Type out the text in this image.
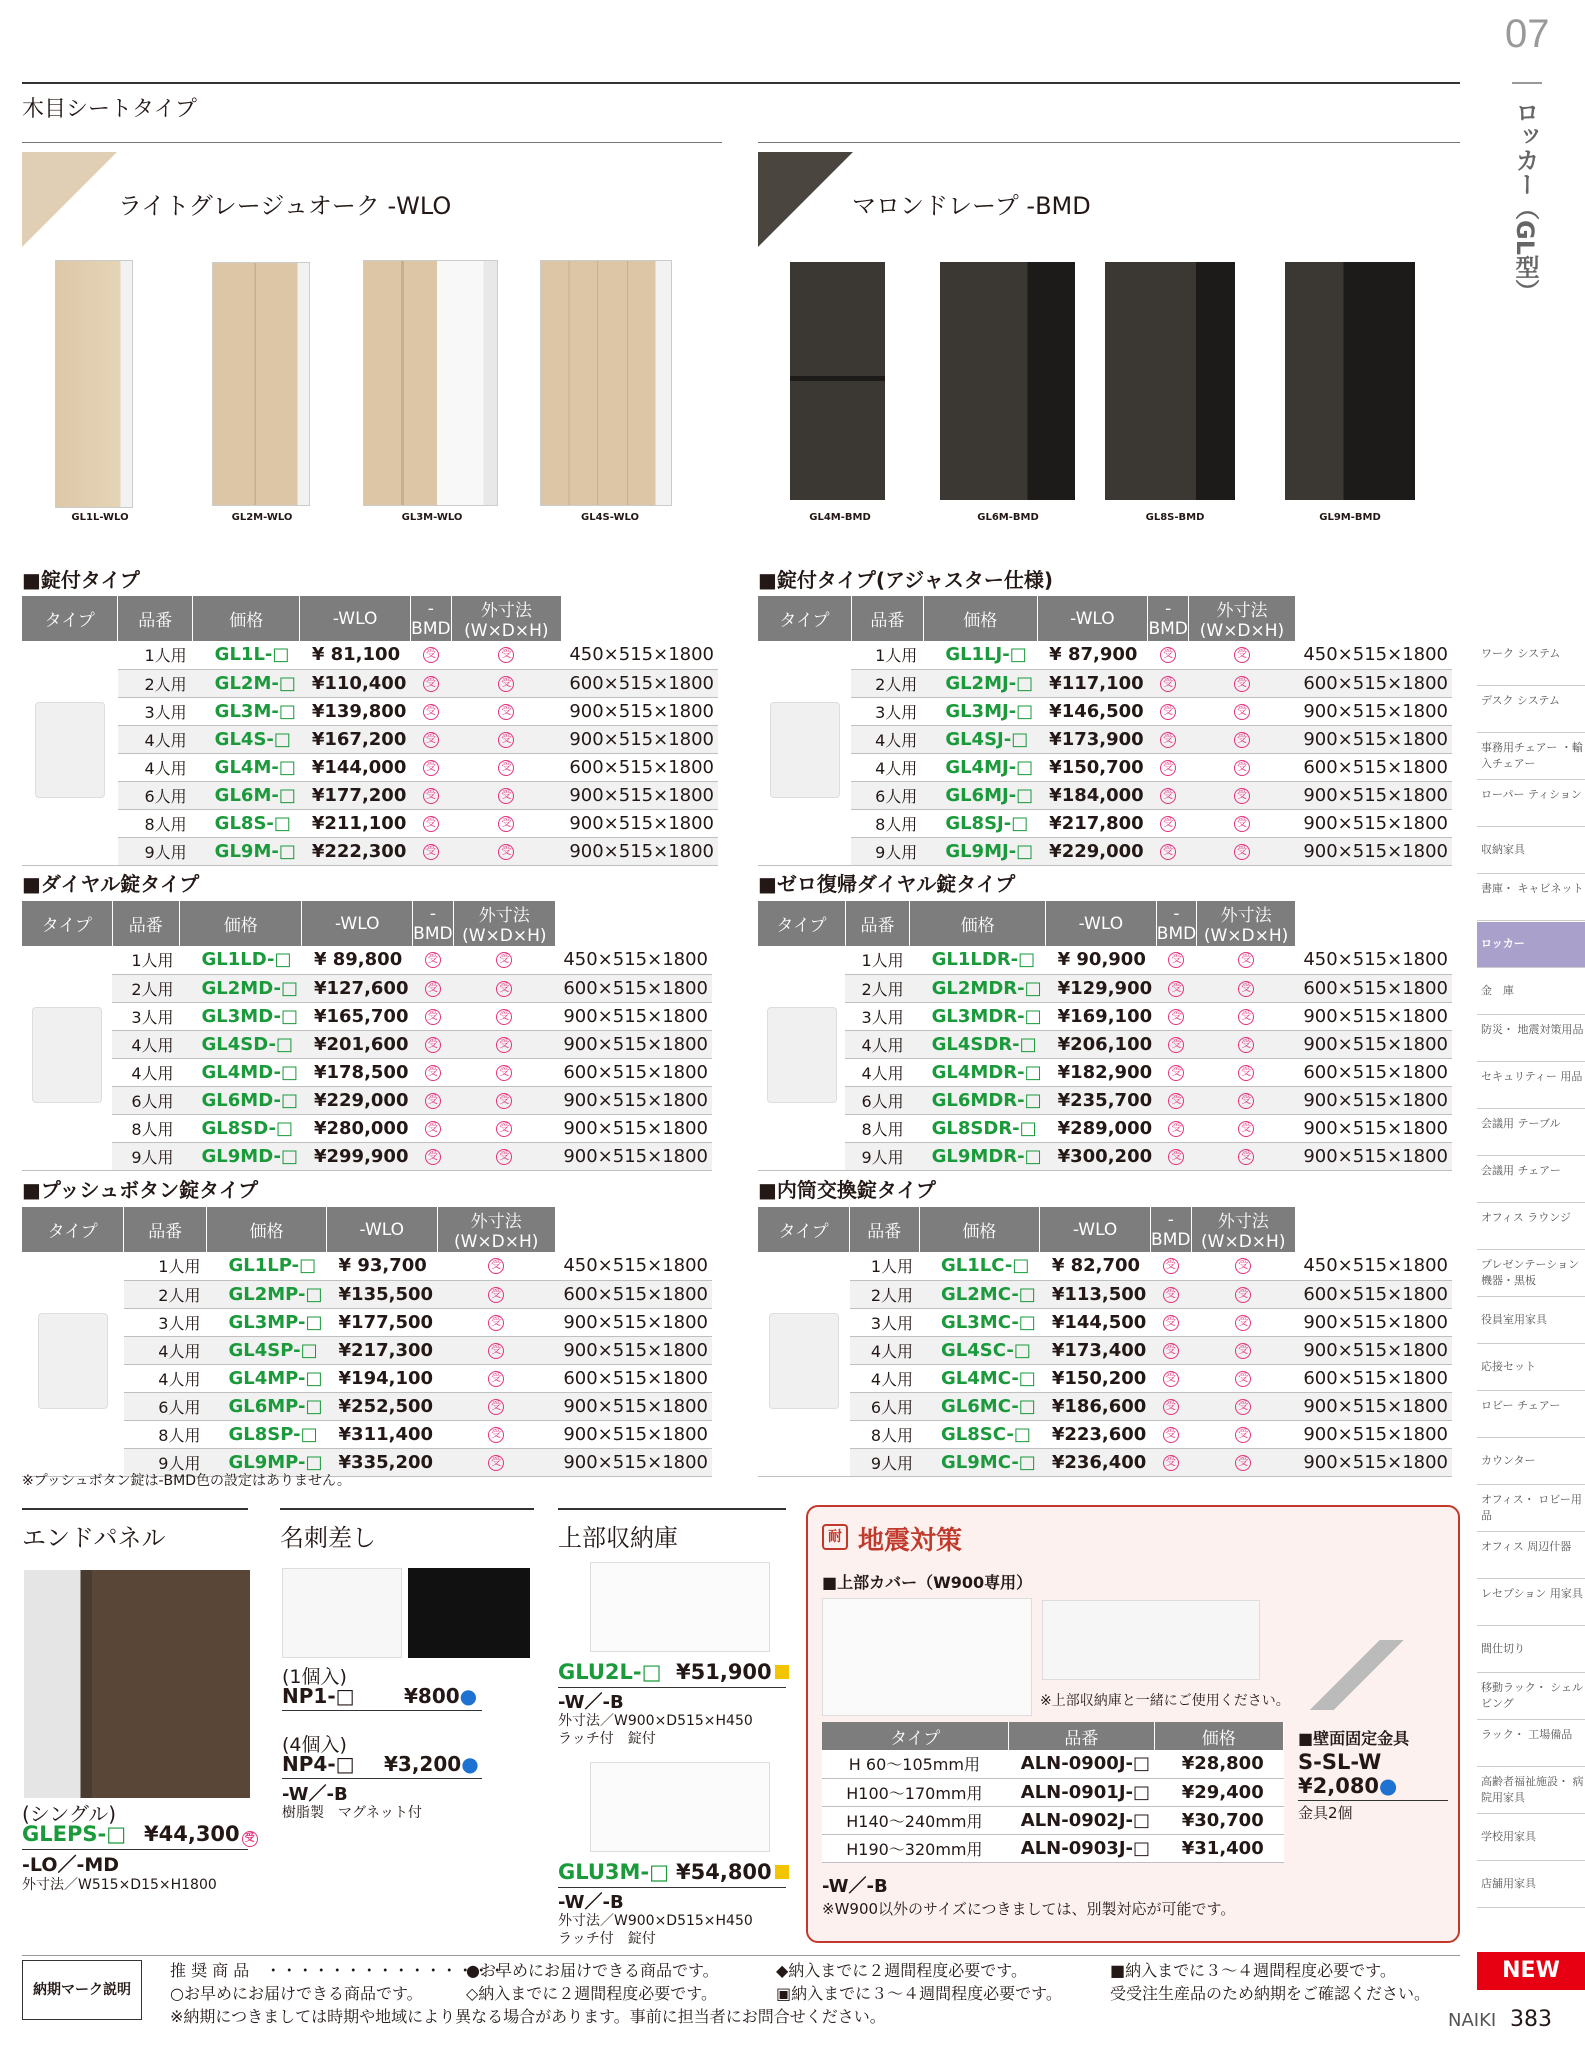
07
ロッカー（GL型）
木目シートタイプ
ライトグレージュオーク -WLO	マロンドレープ -BMD
GL1L-WLO	GL2M-WLO	GL3M-WLO	GL4S-WLO	GL4M-BMD	GL6M-BMD	GL8S-BMD	GL9M-BMD
■錠付タイプ
タイプ	品番	価格	-WLO	-BMD	外寸法 (W×D×H)	
	1人用	GL1L-□	¥ 81,100	受	受	450×515×1800
	2人用	GL2M-□	¥110,400	受	受	600×515×1800
	3人用	GL3M-□	¥139,800	受	受	900×515×1800
	4人用	GL4S-□	¥167,200	受	受	900×515×1800
	4人用	GL4M-□	¥144,000	受	受	600×515×1800
	6人用	GL6M-□	¥177,200	受	受	900×515×1800
	8人用	GL8S-□	¥211,100	受	受	900×515×1800
	9人用	GL9M-□	¥222,300	受	受	900×515×1800
■錠付タイプ(アジャスター仕様)
タイプ	品番	価格	-WLO	-BMD	外寸法 (W×D×H)	
	1人用	GL1LJ-□	¥ 87,900	受	受	450×515×1800
	2人用	GL2MJ-□	¥117,100	受	受	600×515×1800
	3人用	GL3MJ-□	¥146,500	受	受	900×515×1800
	4人用	GL4SJ-□	¥173,900	受	受	900×515×1800
	4人用	GL4MJ-□	¥150,700	受	受	600×515×1800
	6人用	GL6MJ-□	¥184,000	受	受	900×515×1800
	8人用	GL8SJ-□	¥217,800	受	受	900×515×1800
	9人用	GL9MJ-□	¥229,000	受	受	900×515×1800
■ダイヤル錠タイプ
タイプ	品番	価格	-WLO	-BMD	外寸法 (W×D×H)	
	1人用	GL1LD-□	¥ 89,800	受	受	450×515×1800
	2人用	GL2MD-□	¥127,600	受	受	600×515×1800
	3人用	GL3MD-□	¥165,700	受	受	900×515×1800
	4人用	GL4SD-□	¥201,600	受	受	900×515×1800
	4人用	GL4MD-□	¥178,500	受	受	600×515×1800
	6人用	GL6MD-□	¥229,000	受	受	900×515×1800
	8人用	GL8SD-□	¥280,000	受	受	900×515×1800
	9人用	GL9MD-□	¥299,900	受	受	900×515×1800
■ゼロ復帰ダイヤル錠タイプ
タイプ	品番	価格	-WLO	-BMD	外寸法 (W×D×H)	
	1人用	GL1LDR-□	¥ 90,900	受	受	450×515×1800
	2人用	GL2MDR-□	¥129,900	受	受	600×515×1800
	3人用	GL3MDR-□	¥169,100	受	受	900×515×1800
	4人用	GL4SDR-□	¥206,100	受	受	900×515×1800
	4人用	GL4MDR-□	¥182,900	受	受	600×515×1800
	6人用	GL6MDR-□	¥235,700	受	受	900×515×1800
	8人用	GL8SDR-□	¥289,000	受	受	900×515×1800
	9人用	GL9MDR-□	¥300,200	受	受	900×515×1800
■プッシュボタン錠タイプ
タイプ	品番	価格	-WLO	外寸法 (W×D×H)	
	1人用	GL1LP-□	¥ 93,700	受	450×515×1800
	2人用	GL2MP-□	¥135,500	受	600×515×1800
	3人用	GL3MP-□	¥177,500	受	900×515×1800
	4人用	GL4SP-□	¥217,300	受	900×515×1800
	4人用	GL4MP-□	¥194,100	受	600×515×1800
	6人用	GL6MP-□	¥252,500	受	900×515×1800
	8人用	GL8SP-□	¥311,400	受	900×515×1800
	9人用	GL9MP-□	¥335,200	受	900×515×1800
※プッシュボタン錠は-BMD色の設定はありません。
■内筒交換錠タイプ
タイプ	品番	価格	-WLO	-BMD	外寸法 (W×D×H)	
	1人用	GL1LC-□	¥ 82,700	受	受	450×515×1800
	2人用	GL2MC-□	¥113,500	受	受	600×515×1800
	3人用	GL3MC-□	¥144,500	受	受	900×515×1800
	4人用	GL4SC-□	¥173,400	受	受	900×515×1800
	4人用	GL4MC-□	¥150,200	受	受	600×515×1800
	6人用	GL6MC-□	¥186,600	受	受	900×515×1800
	8人用	GL8SC-□	¥223,600	受	受	900×515×1800
	9人用	GL9MC-□	¥236,400	受	受	900×515×1800
エンドパネル
(シングル)
GLEPS-□ ¥44,300 受
-LO／-MD
外寸法／W515×D15×H1800
名刺差し
(1個入)
NP1-□ ¥800●
(4個入)
NP4-□ ¥3,200●
-W／-B
樹脂製　マグネット付
上部収納庫
GLU2L-□ ¥51,900
-W／-B
外寸法／W900×D515×H450
ラッチ付　錠付
GLU3M-□ ¥54,800
-W／-B
外寸法／W900×D515×H450
ラッチ付　錠付
耐 地震対策
■上部カバー（W900専用）
※上部収納庫と一緒にご使用ください。
タイプ	品番	価格
H 60～105mm用	ALN-0900J-□	¥28,800
H100～170mm用	ALN-0901J-□	¥29,400
H140～240mm用	ALN-0902J-□	¥30,700
H190～320mm用	ALN-0903J-□	¥31,400
-W／-B
※W900以外のサイズにつきましては、別製対応が可能です。
■壁面固定金具
S-SL-W
¥2,080●
金具2個
納期マーク説明
推 奨 商 品　・・・・・・・・・・・・・・・
●お早めにお届けできる商品です。	◆納入までに２週間程度必要です。	■納入までに３～４週間程度必要です。
○お早めにお届けできる商品です。	◇納入までに２週間程度必要です。	▣納入までに３～４週間程度必要です。	受受注生産品のため納期をご確認ください。
※納期につきましては時期や地域により異なる場合があります。事前に担当者にお問合せください。
NEW
NAIKI 383
ワーク システム
デスク システム
事務用チェアー ・輸入チェアー
ローパー ティション
収納家具
書庫・ キャビネット
ロッカー
金　庫
防災・ 地震対策用品
セキュリティー 用品
会議用 テーブル
会議用 チェアー
オフィス ラウンジ
プレゼンテーション 機器・黒板
役員室用家具
応接セット
ロビー チェアー
カウンター
オフィス・ ロビー用品
オフィス 周辺什器
レセプション 用家具
間仕切り
移動ラック・ シェルビング
ラック・ 工場備品
高齢者福祉施設・ 病院用家具
学校用家具
店舗用家具
